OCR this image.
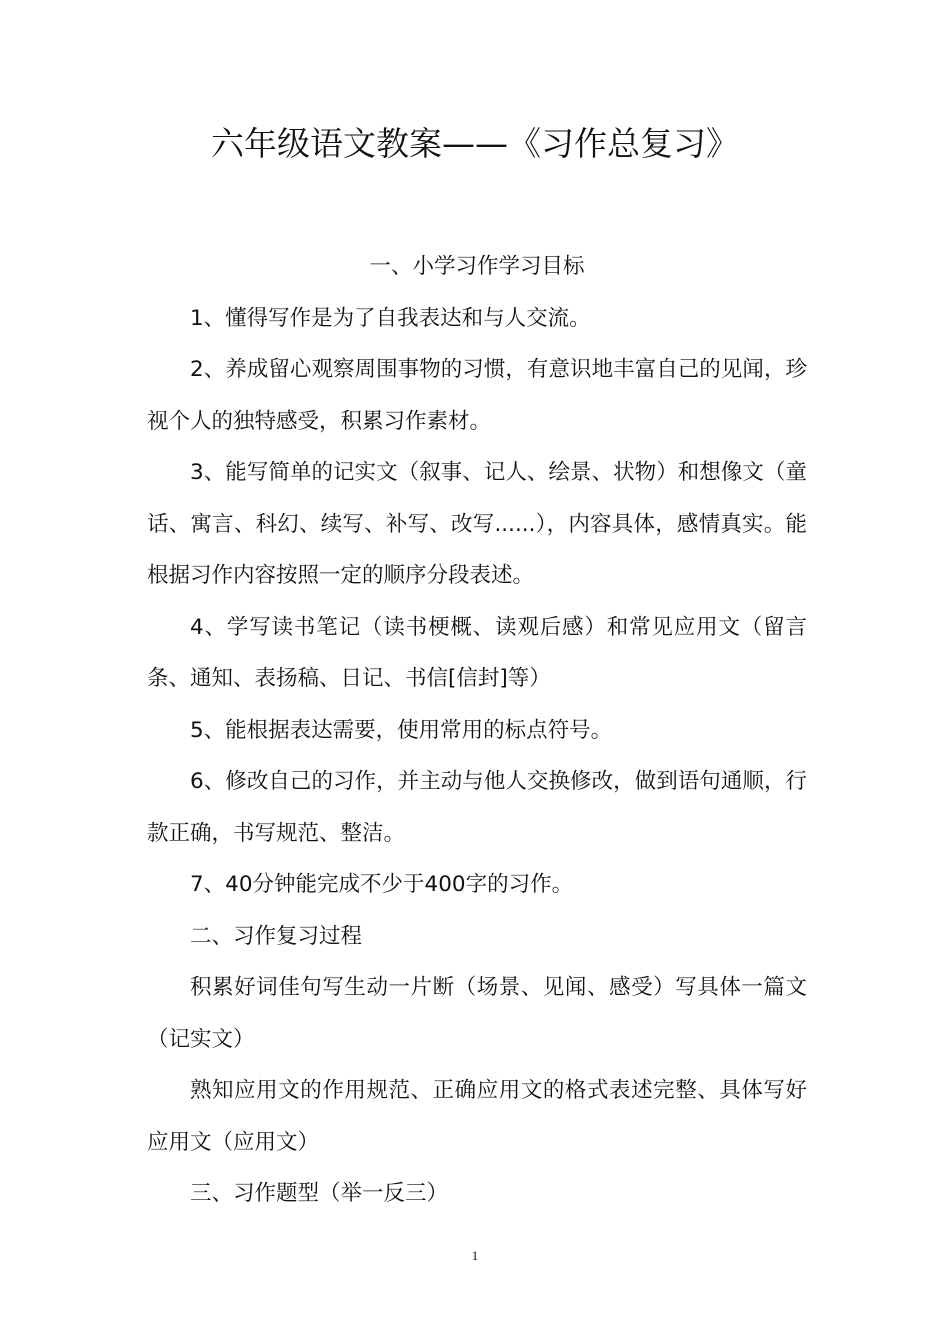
六年级语文教案——《习作总复习》

一、小学习作学习目标

1、懂得写作是为了自我表达和与人交流。

2、养成留心观察周围事物的习惯，有意识地丰富自己的见闻，珍视个人的独特感受，积累习作素材。

3、能写简单的记实文（叙事、记人、绘景、状物）和想像文（童话、寓言、科幻、续写、补写、改写......），内容具体，感情真实。能根据习作内容按照一定的顺序分段表述。

4、学写读书笔记（读书梗概、读观后感）和常见应用文（留言条、通知、表扬稿、日记、书信[信封]等）

5、能根据表达需要，使用常用的标点符号。

6、修改自己的习作，并主动与他人交换修改，做到语句通顺，行款正确，书写规范、整洁。

7、40分钟能完成不少于400字的习作。

二、习作复习过程

积累好词佳句写生动一片断（场景、见闻、感受）写具体一篇文（记实文）

熟知应用文的作用规范、正确应用文的格式表述完整、具体写好应用文（应用文）

三、习作题型（举一反三）

1
